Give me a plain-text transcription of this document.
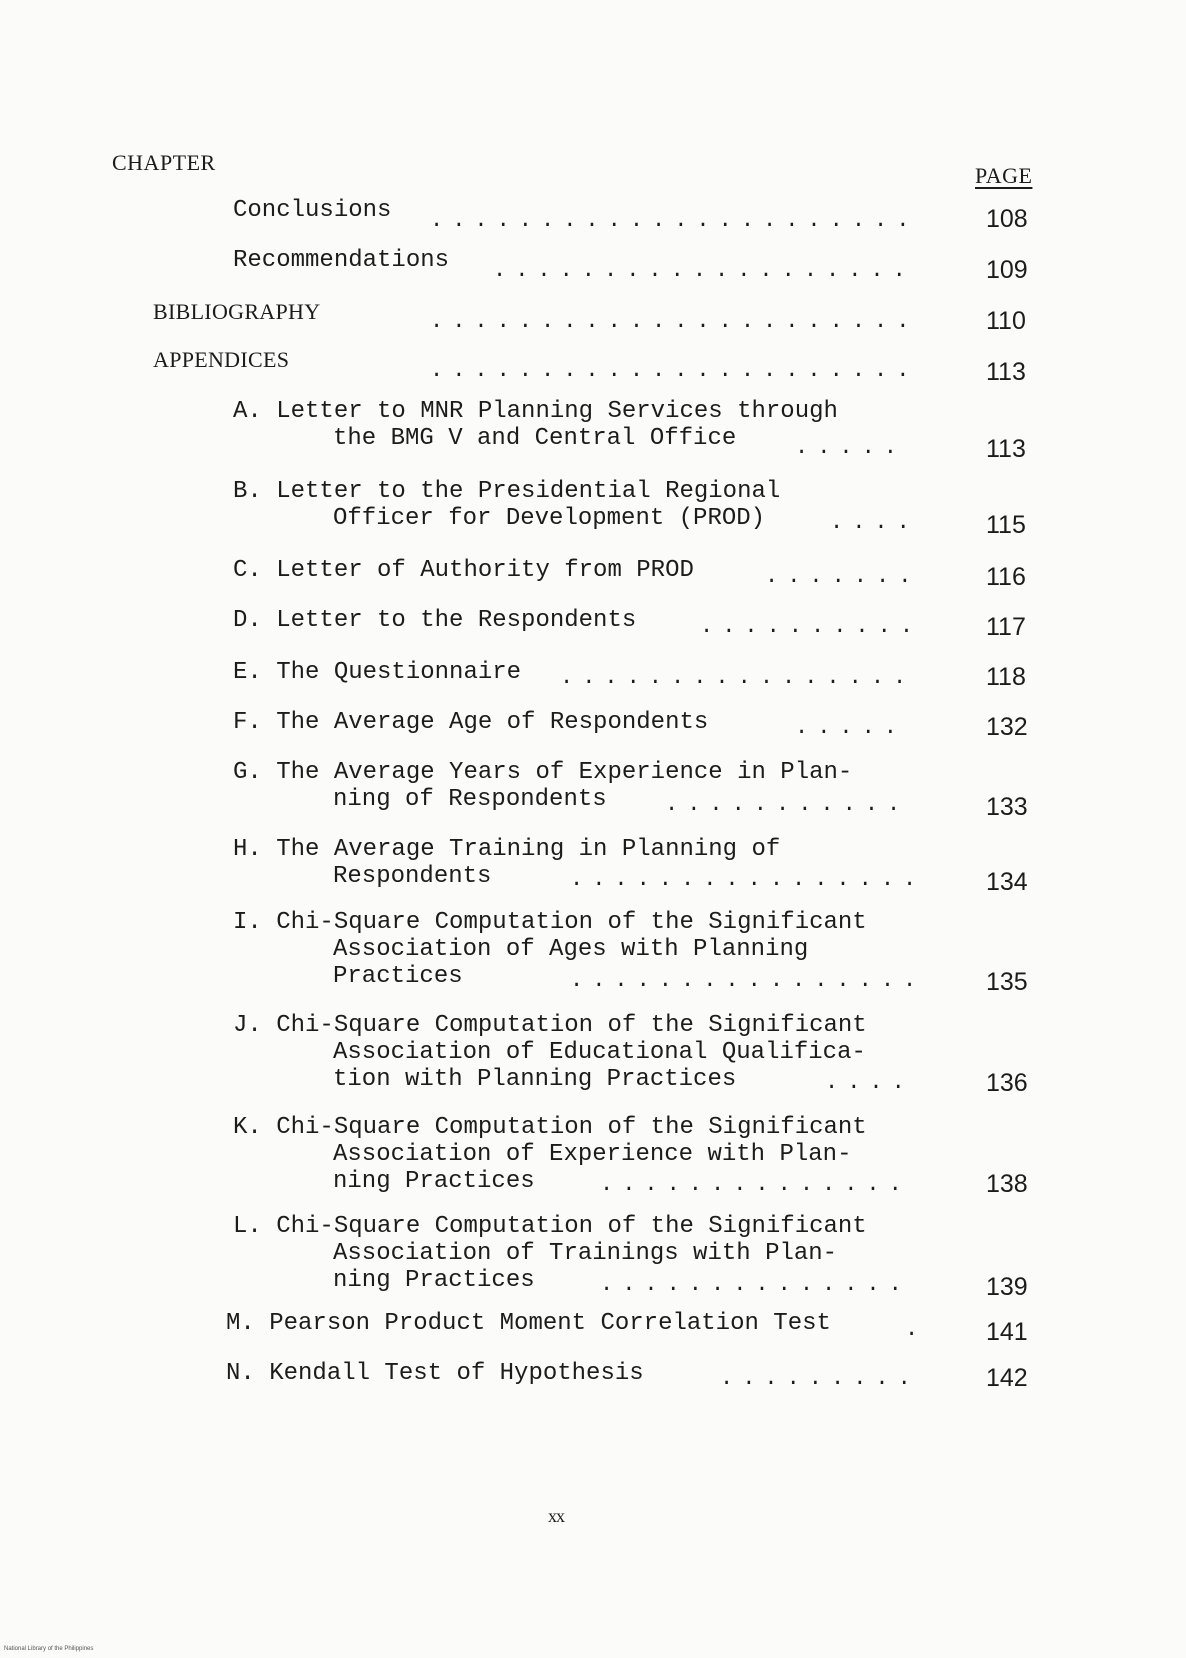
CHAPTER
PAGE
Conclusions ......................	108
Recommendations ...................	109
BIBLIOGRAPHY	......................	110
APPENDICES	......................	113
A. Letter to MNR Planning Services through
the BMG V and Central Office	.....	113
B. Letter to the Presidential Regional
Officer for Development (PROD)	....	115
C. Letter of Authority from PROD	.......	116
D. Letter to the Respondents	..........	117
E. The Questionnaire ................	118
F. The Average Age of Respondents	.....	132
G. The Average Years of Experience in Plan-
ning of Respondents	...........	133
H. The Average Training in Planning of
Respondents	................ 134
I. Chi-Square Computation of the Significant
Association of Ages with Planning
Practices	................ 135
J. Chi-Square Computation of the Significant
Association of Educational Qualifica-
tion with Planning Practices	....	136
K. Chi-Square Computation of the Significant
Association of Experience with Plan-
ning Practices	..............	138
L. Chi-Square Computation of the Significant
Association of Trainings with Plan-
ning Practices	..............	139
M. Pearson Product Moment Correlation Test	. 141
N. Kendall Test of Hypothesis	.........	142
xx
National Library of the Philippines
